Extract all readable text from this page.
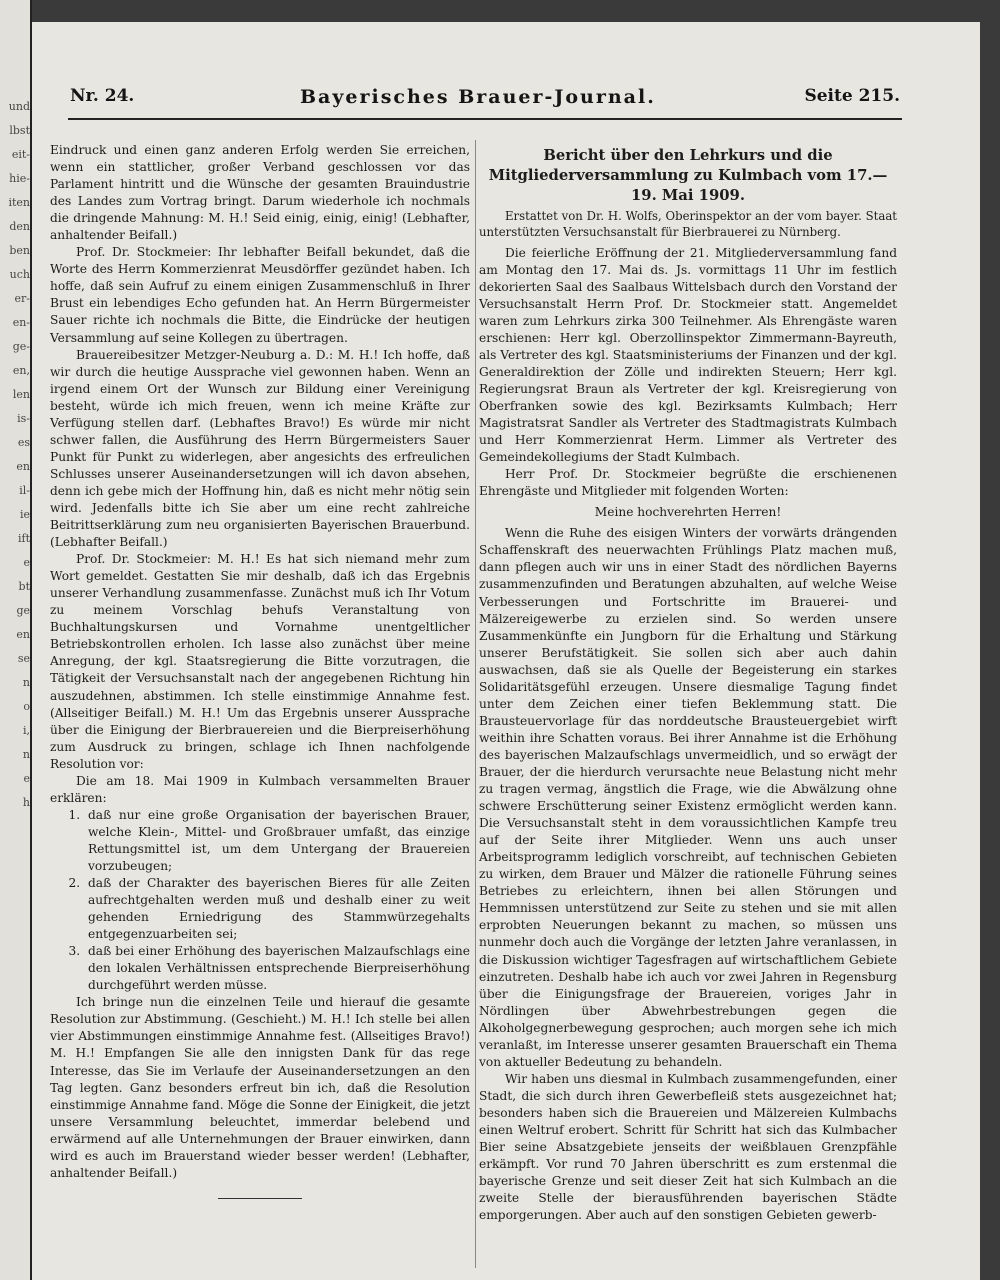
und
lbst
eit-
hie-
iten
den
ben
uch
er-
en-
ge-
en,
len
is-
es
en
il-
ie
ift
e
bt
ge
en
se
n
o
i,
n
e
h
Nr. 24.	Bayerisches Brauer-Journal.	Seite 215.

Eindruck und einen ganz anderen Erfolg werden Sie erreichen, wenn ein stattlicher, großer Verband geschlossen vor das Parlament hintritt und die Wünsche der gesamten Brauindustrie des Landes zum Vortrag bringt. Darum wiederhole ich nochmals die dringende Mahnung: M. H.! Seid einig, einig, einig! (Lebhafter, anhaltender Beifall.)

Prof. Dr. Stockmeier: Ihr lebhafter Beifall bekundet, daß die Worte des Herrn Kommerzienrat Meusdörffer gezündet haben. Ich hoffe, daß sein Aufruf zu einem einigen Zusammenschluß in Ihrer Brust ein lebendiges Echo gefunden hat. An Herrn Bürgermeister Sauer richte ich nochmals die Bitte, die Eindrücke der heutigen Versammlung auf seine Kollegen zu übertragen.

Brauereibesitzer Metzger-Neuburg a. D.: M. H.! Ich hoffe, daß wir durch die heutige Aussprache viel gewonnen haben. Wenn an irgend einem Ort der Wunsch zur Bildung einer Vereinigung besteht, würde ich mich freuen, wenn ich meine Kräfte zur Verfügung stellen darf. (Lebhaftes Bravo!) Es würde mir nicht schwer fallen, die Ausführung des Herrn Bürgermeisters Sauer Punkt für Punkt zu widerlegen, aber angesichts des erfreulichen Schlusses unserer Auseinandersetzungen will ich davon absehen, denn ich gebe mich der Hoffnung hin, daß es nicht mehr nötig sein wird. Jedenfalls bitte ich Sie aber um eine recht zahlreiche Beitrittserklärung zum neu organisierten Bayerischen Brauerbund. (Lebhafter Beifall.)

Prof. Dr. Stockmeier: M. H.! Es hat sich niemand mehr zum Wort gemeldet. Gestatten Sie mir deshalb, daß ich das Ergebnis unserer Verhandlung zusammenfasse. Zunächst muß ich Ihr Votum zu meinem Vorschlag behufs Veranstaltung von Buchhaltungskursen und Vornahme unentgeltlicher Betriebskontrollen erholen. Ich lasse also zunächst über meine Anregung, der kgl. Staatsregierung die Bitte vorzutragen, die Tätigkeit der Versuchsanstalt nach der angegebenen Richtung hin auszudehnen, abstimmen. Ich stelle einstimmige Annahme fest. (Allseitiger Beifall.) M. H.! Um das Ergebnis unserer Aussprache über die Einigung der Bierbrauereien und die Bierpreiserhöhung zum Ausdruck zu bringen, schlage ich Ihnen nachfolgende Resolution vor:

Die am 18. Mai 1909 in Kulmbach versammelten Brauer erklären:

1. daß nur eine große Organisation der bayerischen Brauer, welche Klein-, Mittel- und Großbrauer umfaßt, das einzige Rettungsmittel ist, um dem Untergang der Brauereien vorzubeugen;
2. daß der Charakter des bayerischen Bieres für alle Zeiten aufrechtgehalten werden muß und deshalb einer zu weit gehenden Erniedrigung des Stammwürzegehalts entgegenzuarbeiten sei;
3. daß bei einer Erhöhung des bayerischen Malzaufschlags eine den lokalen Verhältnissen entsprechende Bierpreiserhöhung durchgeführt werden müsse.

Ich bringe nun die einzelnen Teile und hierauf die gesamte Resolution zur Abstimmung. (Geschieht.) M. H.! Ich stelle bei allen vier Abstimmungen einstimmige Annahme fest. (Allseitiges Bravo!) M. H.! Empfangen Sie alle den innigsten Dank für das rege Interesse, das Sie im Verlaufe der Auseinandersetzungen an den Tag legten. Ganz besonders erfreut bin ich, daß die Resolution einstimmige Annahme fand. Möge die Sonne der Einigkeit, die jetzt unsere Versammlung beleuchtet, immerdar belebend und erwärmend auf alle Unternehmungen der Brauer einwirken, dann wird es auch im Brauerstand wieder besser werden! (Lebhafter, anhaltender Beifall.)

Bericht über den Lehrkurs und die Mitgliederversammlung zu Kulmbach vom 17.—19. Mai 1909.

Erstattet von Dr. H. Wolfs, Oberinspektor an der vom bayer. Staat unterstützten Versuchsanstalt für Bierbrauerei zu Nürnberg.

Die feierliche Eröffnung der 21. Mitgliederversammlung fand am Montag den 17. Mai ds. Js. vormittags 11 Uhr im festlich dekorierten Saal des Saalbaus Wittelsbach durch den Vorstand der Versuchsanstalt Herrn Prof. Dr. Stockmeier statt. Angemeldet waren zum Lehrkurs zirka 300 Teilnehmer. Als Ehrengäste waren erschienen: Herr kgl. Oberzollinspektor Zimmermann-Bayreuth, als Vertreter des kgl. Staatsministeriums der Finanzen und der kgl. Generaldirektion der Zölle und indirekten Steuern; Herr kgl. Regierungsrat Braun als Vertreter der kgl. Kreisregierung von Oberfranken sowie des kgl. Bezirksamts Kulmbach; Herr Magistratsrat Sandler als Vertreter des Stadtmagistrats Kulmbach und Herr Kommerzienrat Herm. Limmer als Vertreter des Gemeindekollegiums der Stadt Kulmbach.

Herr Prof. Dr. Stockmeier begrüßte die erschienenen Ehrengäste und Mitglieder mit folgenden Worten:

Meine hochverehrten Herren!

Wenn die Ruhe des eisigen Winters der vorwärts drängenden Schaffenskraft des neuerwachten Frühlings Platz machen muß, dann pflegen auch wir uns in einer Stadt des nördlichen Bayerns zusammenzufinden und Beratungen abzuhalten, auf welche Weise Verbesserungen und Fortschritte im Brauerei- und Mälzereigewerbe zu erzielen sind. So werden unsere Zusammenkünfte ein Jungborn für die Erhaltung und Stärkung unserer Berufstätigkeit. Sie sollen sich aber auch dahin auswachsen, daß sie als Quelle der Begeisterung ein starkes Solidaritätsgefühl erzeugen. Unsere diesmalige Tagung findet unter dem Zeichen einer tiefen Beklemmung statt. Die Brausteuervorlage für das norddeutsche Brausteuergebiet wirft weithin ihre Schatten voraus. Bei ihrer Annahme ist die Erhöhung des bayerischen Malzaufschlags unvermeidlich, und so erwägt der Brauer, der die hierdurch verursachte neue Belastung nicht mehr zu tragen vermag, ängstlich die Frage, wie die Abwälzung ohne schwere Erschütterung seiner Existenz ermöglicht werden kann. Die Versuchsanstalt steht in dem voraussichtlichen Kampfe treu auf der Seite ihrer Mitglieder. Wenn uns auch unser Arbeitsprogramm lediglich vorschreibt, auf technischen Gebieten zu wirken, dem Brauer und Mälzer die rationelle Führung seines Betriebes zu erleichtern, ihnen bei allen Störungen und Hemmnissen unterstützend zur Seite zu stehen und sie mit allen erprobten Neuerungen bekannt zu machen, so müssen uns nunmehr doch auch die Vorgänge der letzten Jahre veranlassen, in die Diskussion wichtiger Tagesfragen auf wirtschaftlichem Gebiete einzutreten. Deshalb habe ich auch vor zwei Jahren in Regensburg über die Einigungsfrage der Brauereien, voriges Jahr in Nördlingen über Abwehrbestrebungen gegen die Alkoholgegnerbewegung gesprochen; auch morgen sehe ich mich veranlaßt, im Interesse unserer gesamten Brauerschaft ein Thema von aktueller Bedeutung zu behandeln.

Wir haben uns diesmal in Kulmbach zusammengefunden, einer Stadt, die sich durch ihren Gewerbefleiß stets ausgezeichnet hat; besonders haben sich die Brauereien und Mälzereien Kulmbachs einen Weltruf erobert. Schritt für Schritt hat sich das Kulmbacher Bier seine Absatzgebiete jenseits der weißblauen Grenzpfähle erkämpft. Vor rund 70 Jahren überschritt es zum erstenmal die bayerische Grenze und seit dieser Zeit hat sich Kulmbach an die zweite Stelle der bierausführenden bayerischen Städte emporgerungen. Aber auch auf den sonstigen Gebieten gewerb-
